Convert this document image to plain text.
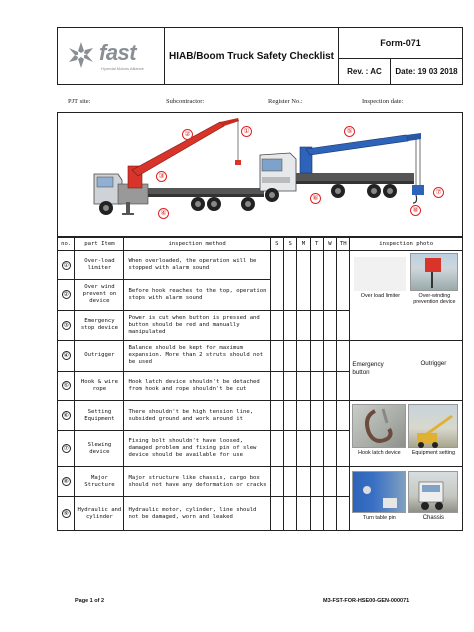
fast
Hyundai Motors Alliance
HIAB/Boom Truck Safety Checklist
Form-071
Rev. : AC	Date: 19 03 2018
PJT site:	Subcontractor:	Register No.:	Inspection date:
①
②
③
④
⑤
⑥
⑦
⑧
no.	part Item	inspection method	S	S	M	T	W	TH	inspection photo
①	Over-load limiter	When overloaded, the operation will be stopped with alarm sound							Over load limiter Over-winding prevention device

②	Over wind prevent on device	Before hook reaches to the top, operation stops with alarm sound							
③	Emergency stop device	Power is cut when button is pressed and button should be red and manually manipulated							
④	Outrigger	Balance should be kept for maximum expansion. More than 2 struts should not be used							Emergency button
Outrigger

⑤	Hook & wire rope	Hook latch device shouldn't be detached from hook and rope shouldn't be cut							
⑥	Setting Equipment	There shouldn't be high tension line, subsided ground and work around it							Hook latch device Equipment setting

⑦	Slewing device	Fixing bolt shouldn't have loosed, damaged problem and fixing pin of slew device should be available for use							
⑧	Major Structure	Major structure like chassis, cargo box should not have any deformation or cracks							Turn table pin Chassis

⑨	Hydraulic and cylinder	Hydraulic motor, cylinder, line should not be damaged, worn and leaked							
Page 1 of 2	M3-FST-FOR-HSE00-GEN-000071
